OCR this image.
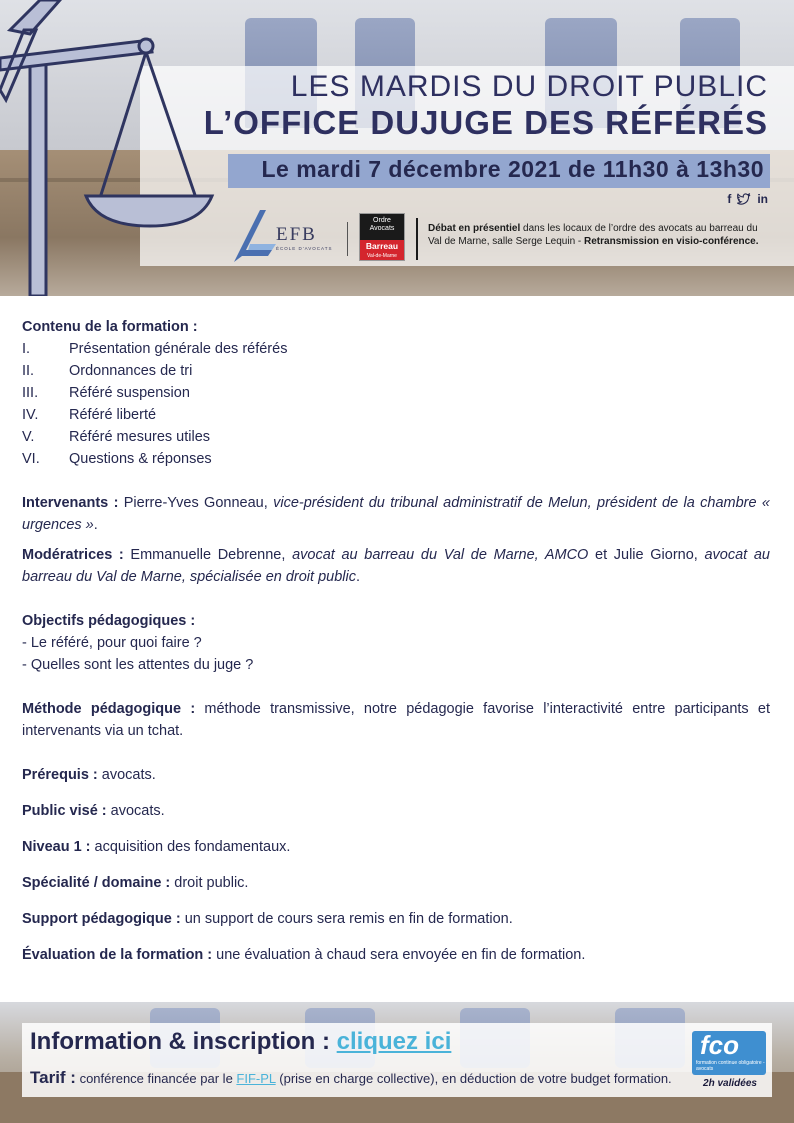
LES MARDIS DU DROIT PUBLIC
L’OFFICE DUJUGE DES RÉFÉRÉS
Le mardi 7 décembre 2021 de 11h30 à 13h30
f in
EFB
ÉCOLE D'AVOCATS
Ordre
Avocats
Barreau
Val-de-Marne
Débat en présentiel dans les locaux de l’ordre des avocats au barreau du Val de Marne, salle Serge Lequin - Retransmission en visio-conférence.
Contenu de la formation :
I.	Présentation générale des référés
II.	Ordonnances de tri
III.	Référé suspension
IV.	Référé liberté
V.	Référé mesures utiles
VI.	Questions & réponses
Intervenants : Pierre-Yves Gonneau, vice-président du tribunal administratif de Melun, président de la chambre « urgences ».
Modératrices : Emmanuelle Debrenne, avocat au barreau du Val de Marne, AMCO et Julie Giorno, avocat au barreau du Val de Marne, spécialisée en droit public.
Objectifs pédagogiques :
- Le référé, pour quoi faire ?
- Quelles sont les attentes du juge ?
Méthode pédagogique : méthode transmissive, notre pédagogie favorise l’interactivité entre participants et intervenants via un tchat.
Prérequis : avocats.
Public visé : avocats.
Niveau 1 : acquisition des fondamentaux.
Spécialité / domaine : droit public.
Support pédagogique : un support de cours sera remis en fin de formation.
Évaluation de la formation : une évaluation à chaud sera envoyée en fin de formation.
Information & inscription : cliquez ici
Tarif : conférence financée par le FIF-PL (prise en charge collective), en déduction de votre budget formation.
fco
formation continue obligatoire - avocats
2h validées
